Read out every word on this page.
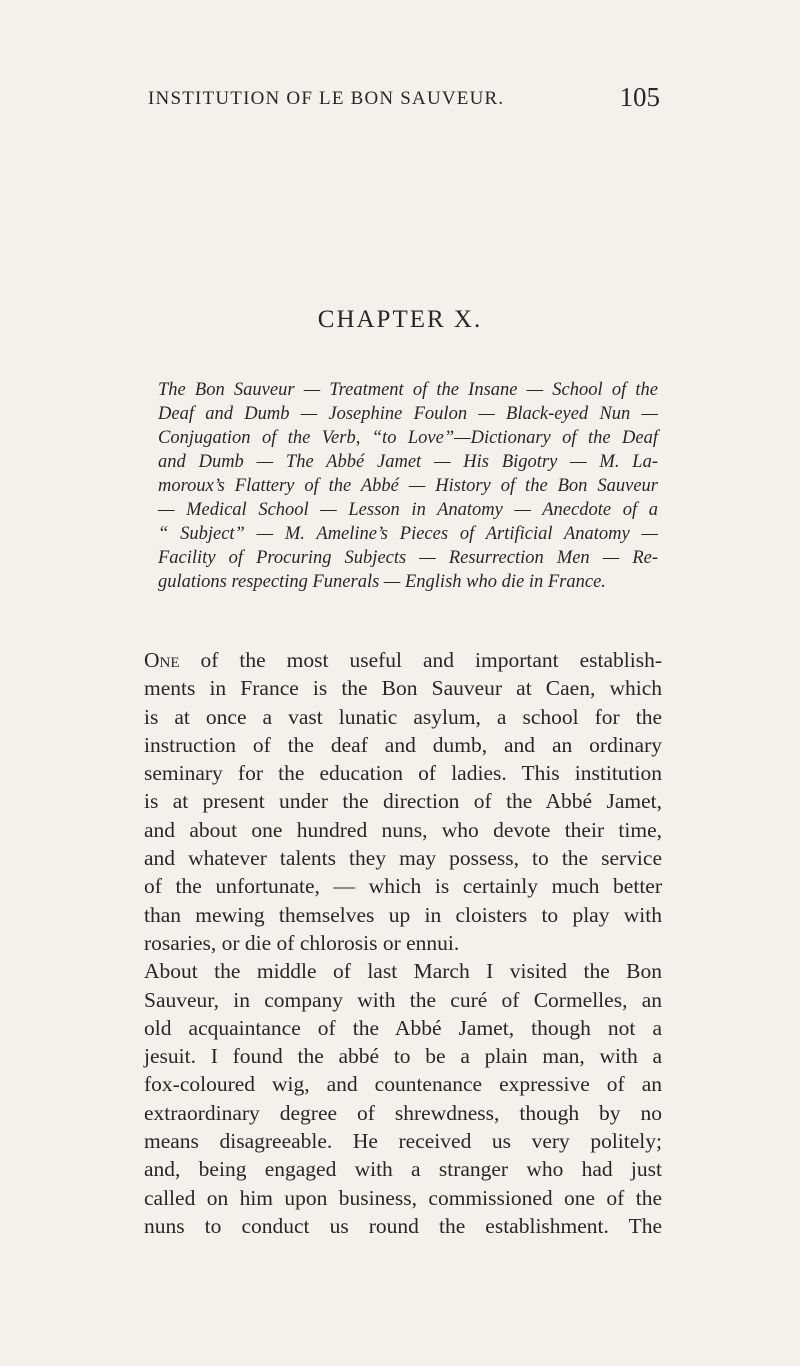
INSTITUTION OF LE BON SAUVEUR.	105
CHAPTER X.
The Bon Sauveur — Treatment of the Insane — School of the
Deaf and Dumb — Josephine Foulon — Black-eyed Nun —
Conjugation of the Verb, “to Love”—Dictionary of the Deaf
and Dumb — The Abbé Jamet — His Bigotry — M. La-
moroux’s Flattery of the Abbé — History of the Bon Sauveur
— Medical School — Lesson in Anatomy — Anecdote of a
“ Subject” — M. Ameline’s Pieces of Artificial Anatomy —
Facility of Procuring Subjects — Resurrection Men — Re-
gulations respecting Funerals — English who die in France.
One of the most useful and important establish-
ments in France is the Bon Sauveur at Caen, which
is at once a vast lunatic asylum, a school for the
instruction of the deaf and dumb, and an ordinary
seminary for the education of ladies. This institution
is at present under the direction of the Abbé Jamet,
and about one hundred nuns, who devote their time,
and whatever talents they may possess, to the service
of the unfortunate, — which is certainly much better
than mewing themselves up in cloisters to play with
rosaries, or die of chlorosis or ennui.
About the middle of last March I visited the Bon
Sauveur, in company with the curé of Cormelles, an
old acquaintance of the Abbé Jamet, though not a
jesuit. I found the abbé to be a plain man, with a
fox-coloured wig, and countenance expressive of an
extraordinary degree of shrewdness, though by no
means disagreeable. He received us very politely;
and, being engaged with a stranger who had just
called on him upon business, commissioned one of the
nuns to conduct us round the establishment. The
